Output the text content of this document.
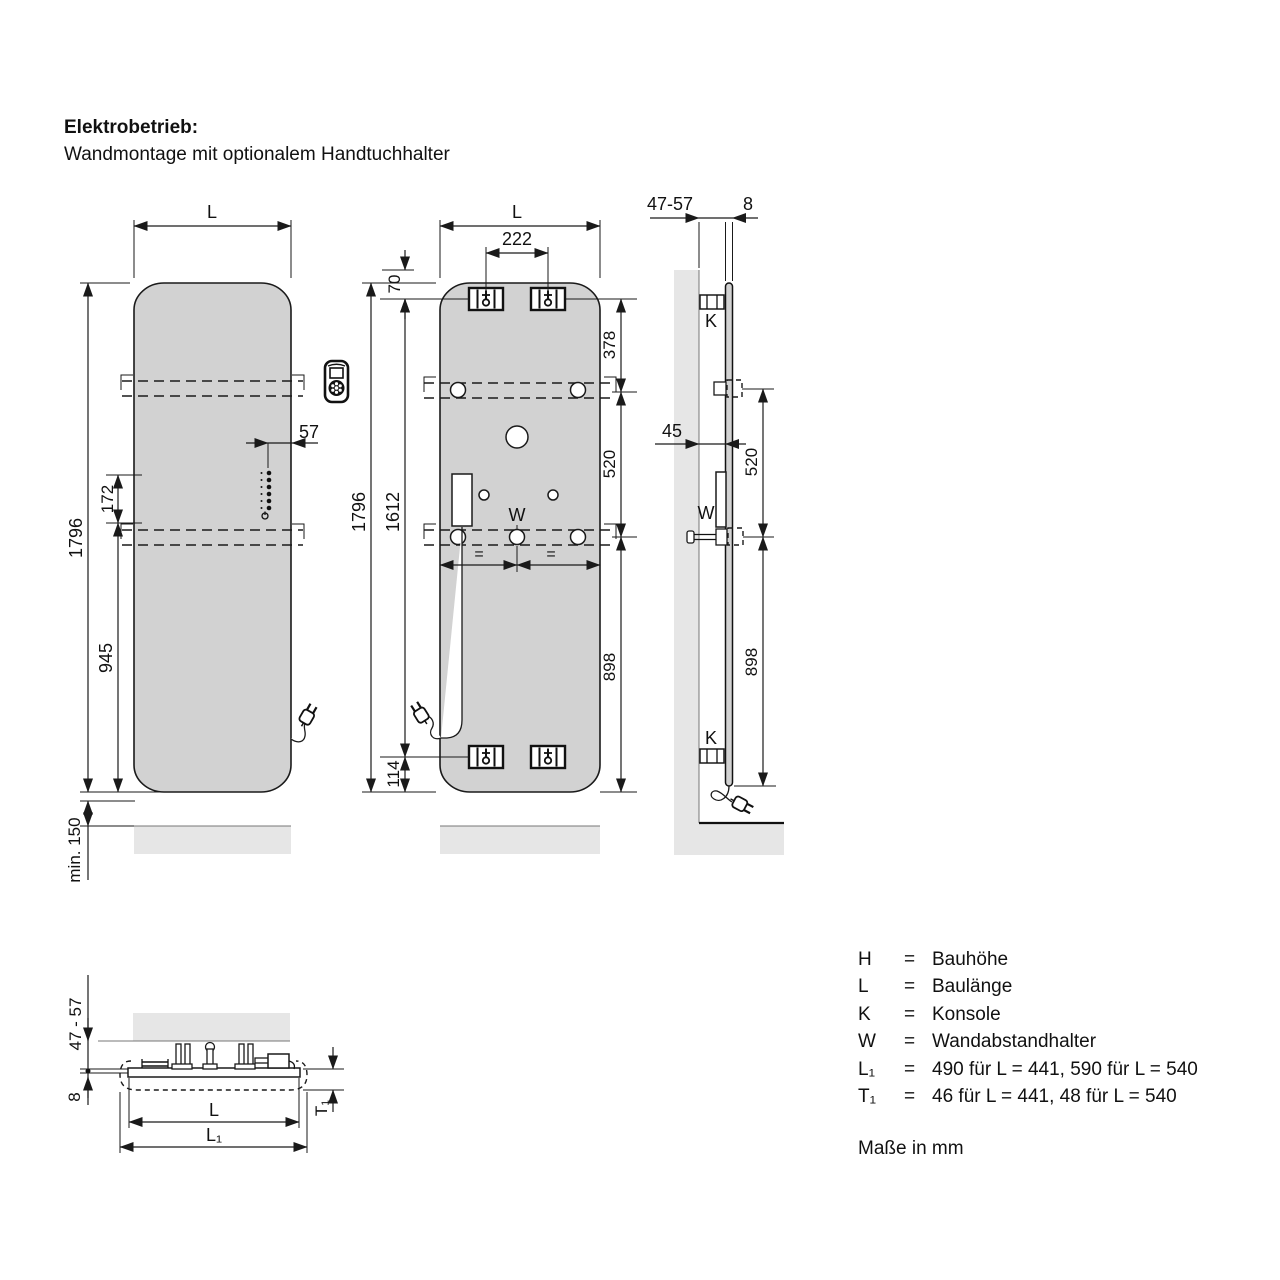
Elektrobetrieb:
Wandmontage mit optionalem Handtuchhalter
L
1796
172
945
57
min. 150
L
222
70
378
520
898
1612
1796
114
=	=
W
47-57	8
K
45
W
520
898
K
47 - 57
8
T₁
L
L₁
H	= Bauhöhe
L	= Baulänge
K	= Konsole
W	= Wandabstandhalter
L₁	= 490 für L = 441, 590 für L = 540
T₁	= 46 für L = 441, 48 für L = 540
Maße in mm
